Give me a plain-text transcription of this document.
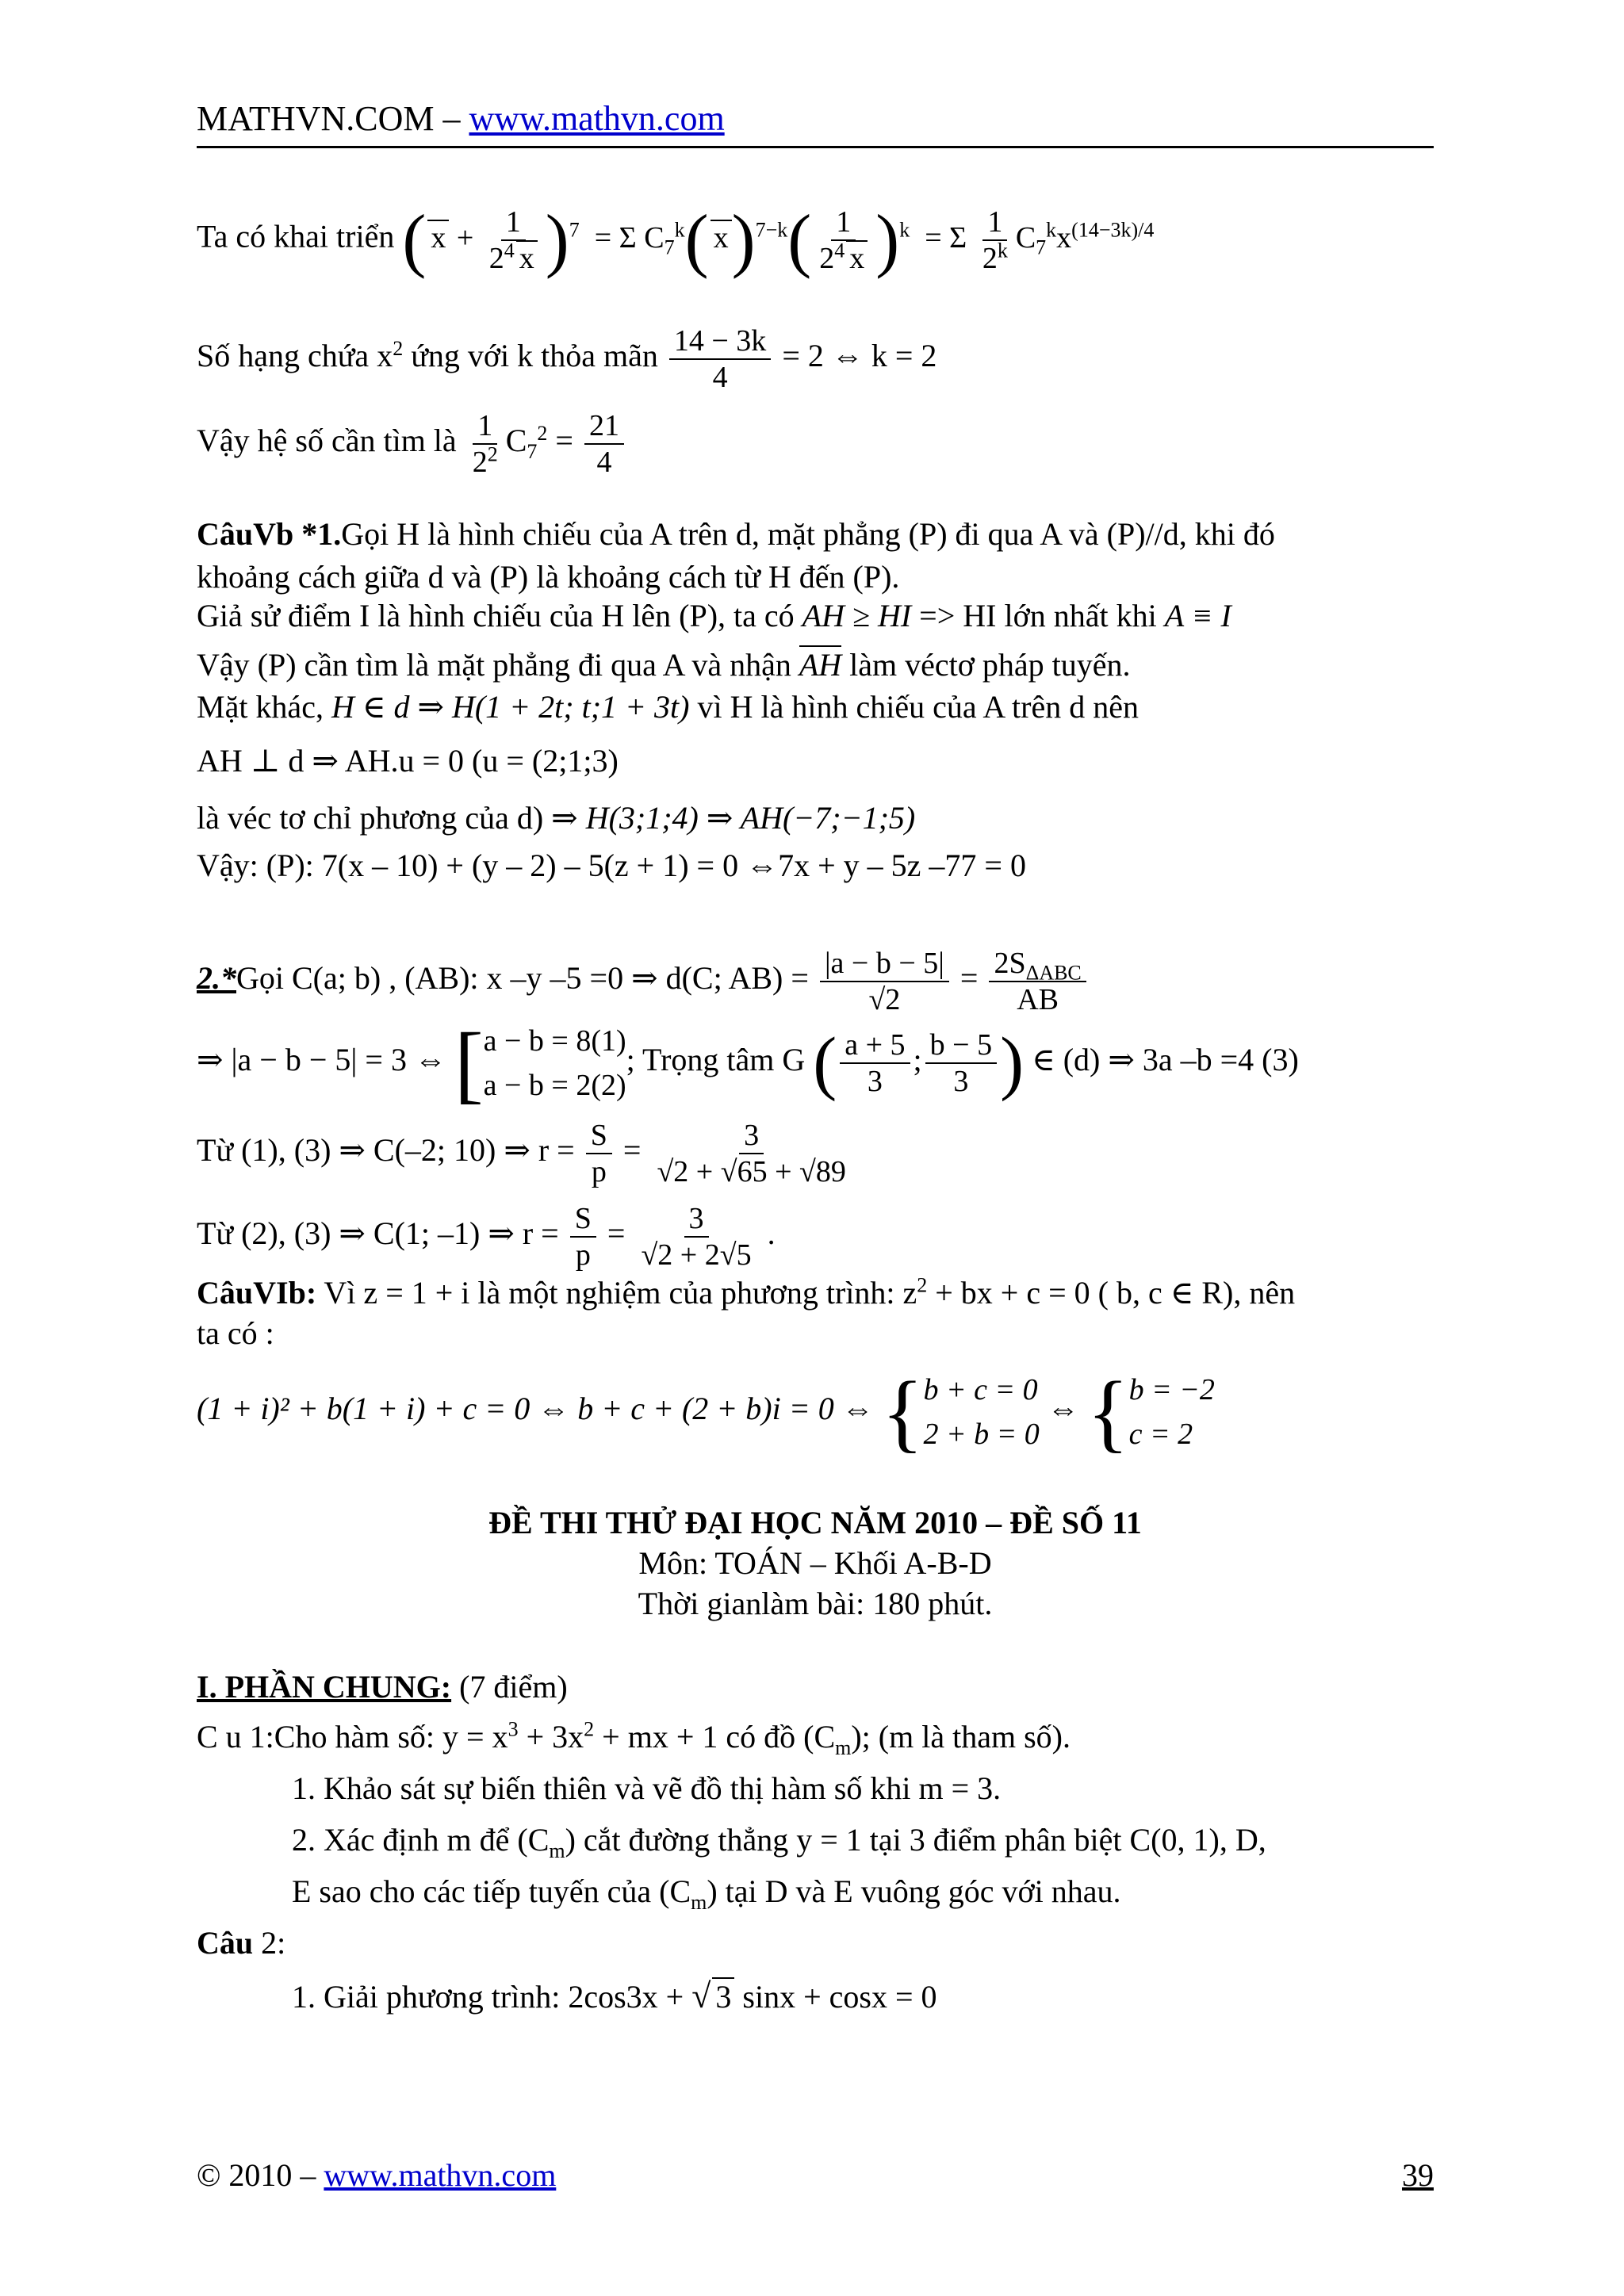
MATHVN.COM – www.mathvn.com
Ta có khai triển ( $x + \frac{1}{2^4 x} )^7 = \Sigma$ $C_7^k$( $x)^{7-k}( \frac{1}{2^4 x} )^k = \Sigma \frac{1}{2^k} C_7^kx^{(14-3k)/4}$
Số hạng chứa $x^2$ ứng với k thỏa mãn $\frac{14 - 3k}{4} = 2$ ⇔ k = 2
Vậy hệ số cần tìm là $\frac{1}{2^2} C_7^2 = \frac{21}{4}$
CâuVb *1.Gọi H là hình chiếu của A trên d, mặt phẳng (P) đi qua A và (P)//d, khi đó
khoảng cách giữa d và (P) là khoảng cách từ H đến (P).
Giả sử điểm I là hình chiếu của H lên (P), ta có AH ≥ HI => HI lớn nhất khi A ≡ I
Vậy (P) cần tìm là mặt phẳng đi qua A và nhận AH làm véctơ pháp tuyến.
Mặt khác, H ∈ d ⇒ H(1 + 2t; t;1 + 3t) vì H là hình chiếu của A trên d nên
AH ⊥ d ⇒ AH.u = 0 (u = (2;1;3)
là véc tơ chỉ phương của d) ⇒ H(3;1;4) ⇒ AH(−7;−1;5)
Vậy: (P): 7(x – 10) + (y – 2) – 5(z + 1) = 0 ⇔7x + y – 5z –77 = 0
2.*Gọi C(a; b) , (AB): x –y –5 =0 ⇒ d(C; $AB) = \frac{|a - b - 5|}{√2} = \frac{2S_{\Delta ABC}}{AB}$
⇒ |a − b − 5| = 3 ⇔ [ a − b = 8(1)
a − b = 2(2)
; Trọng tâm G ( $\frac{a + 5}{3}$ ; $\frac{b - 5}{3}$ ) ∈ (d) ⇒ 3a –b =4 (3)
Từ (1), (3) ⇒ C(–2; 10) ⇒ $r = \frac{S}{p} = \frac{3}{√2 + √65 + √89}$
Từ (2), (3) ⇒ C(1; –1) ⇒ $r = \frac{S}{p} = \frac{3}{√2 + 2√5}$ .
CâuVIb: Vì z = 1 + i là một nghiệm của phương trình: $z^2$ + bx + c = 0 ( b, c ∈ R), nên
ta có :
(1 + i)² + b(1 + i) + c = 0 ⇔ b + c + (2 + b)i = 0 ⇔ { b + c = 0
2 + b = 0
⇔ { b = −2
c = 2
ĐỀ THI THỬ ĐẠI HỌC NĂM 2010 – ĐỀ SỐ 11
Môn: TOÁN – Khối A-B-D
Thời gianlàm bài: 180 phút.
I. PHẦN CHUNG: (7 điểm)
C u 1:Cho hàm số: $y = x^3 + 3x^2$ + mx + 1 có đồ $(C_m)$; (m là tham số).
1. Khảo sát sự biến thiên và vẽ đồ thị hàm số khi m = 3.
2. Xác định m để $(C_m)$ cắt đường thẳng y = 1 tại 3 điểm phân biệt C(0, 1), D,
E sao cho các tiếp tuyến của $(C_m)$ tại D và E vuông góc với nhau.
Câu 2:
1. Giải phương trình: 2cos3x + √ 3 sinx + cosx = 0
© 2010 – www.mathvn.com	39
